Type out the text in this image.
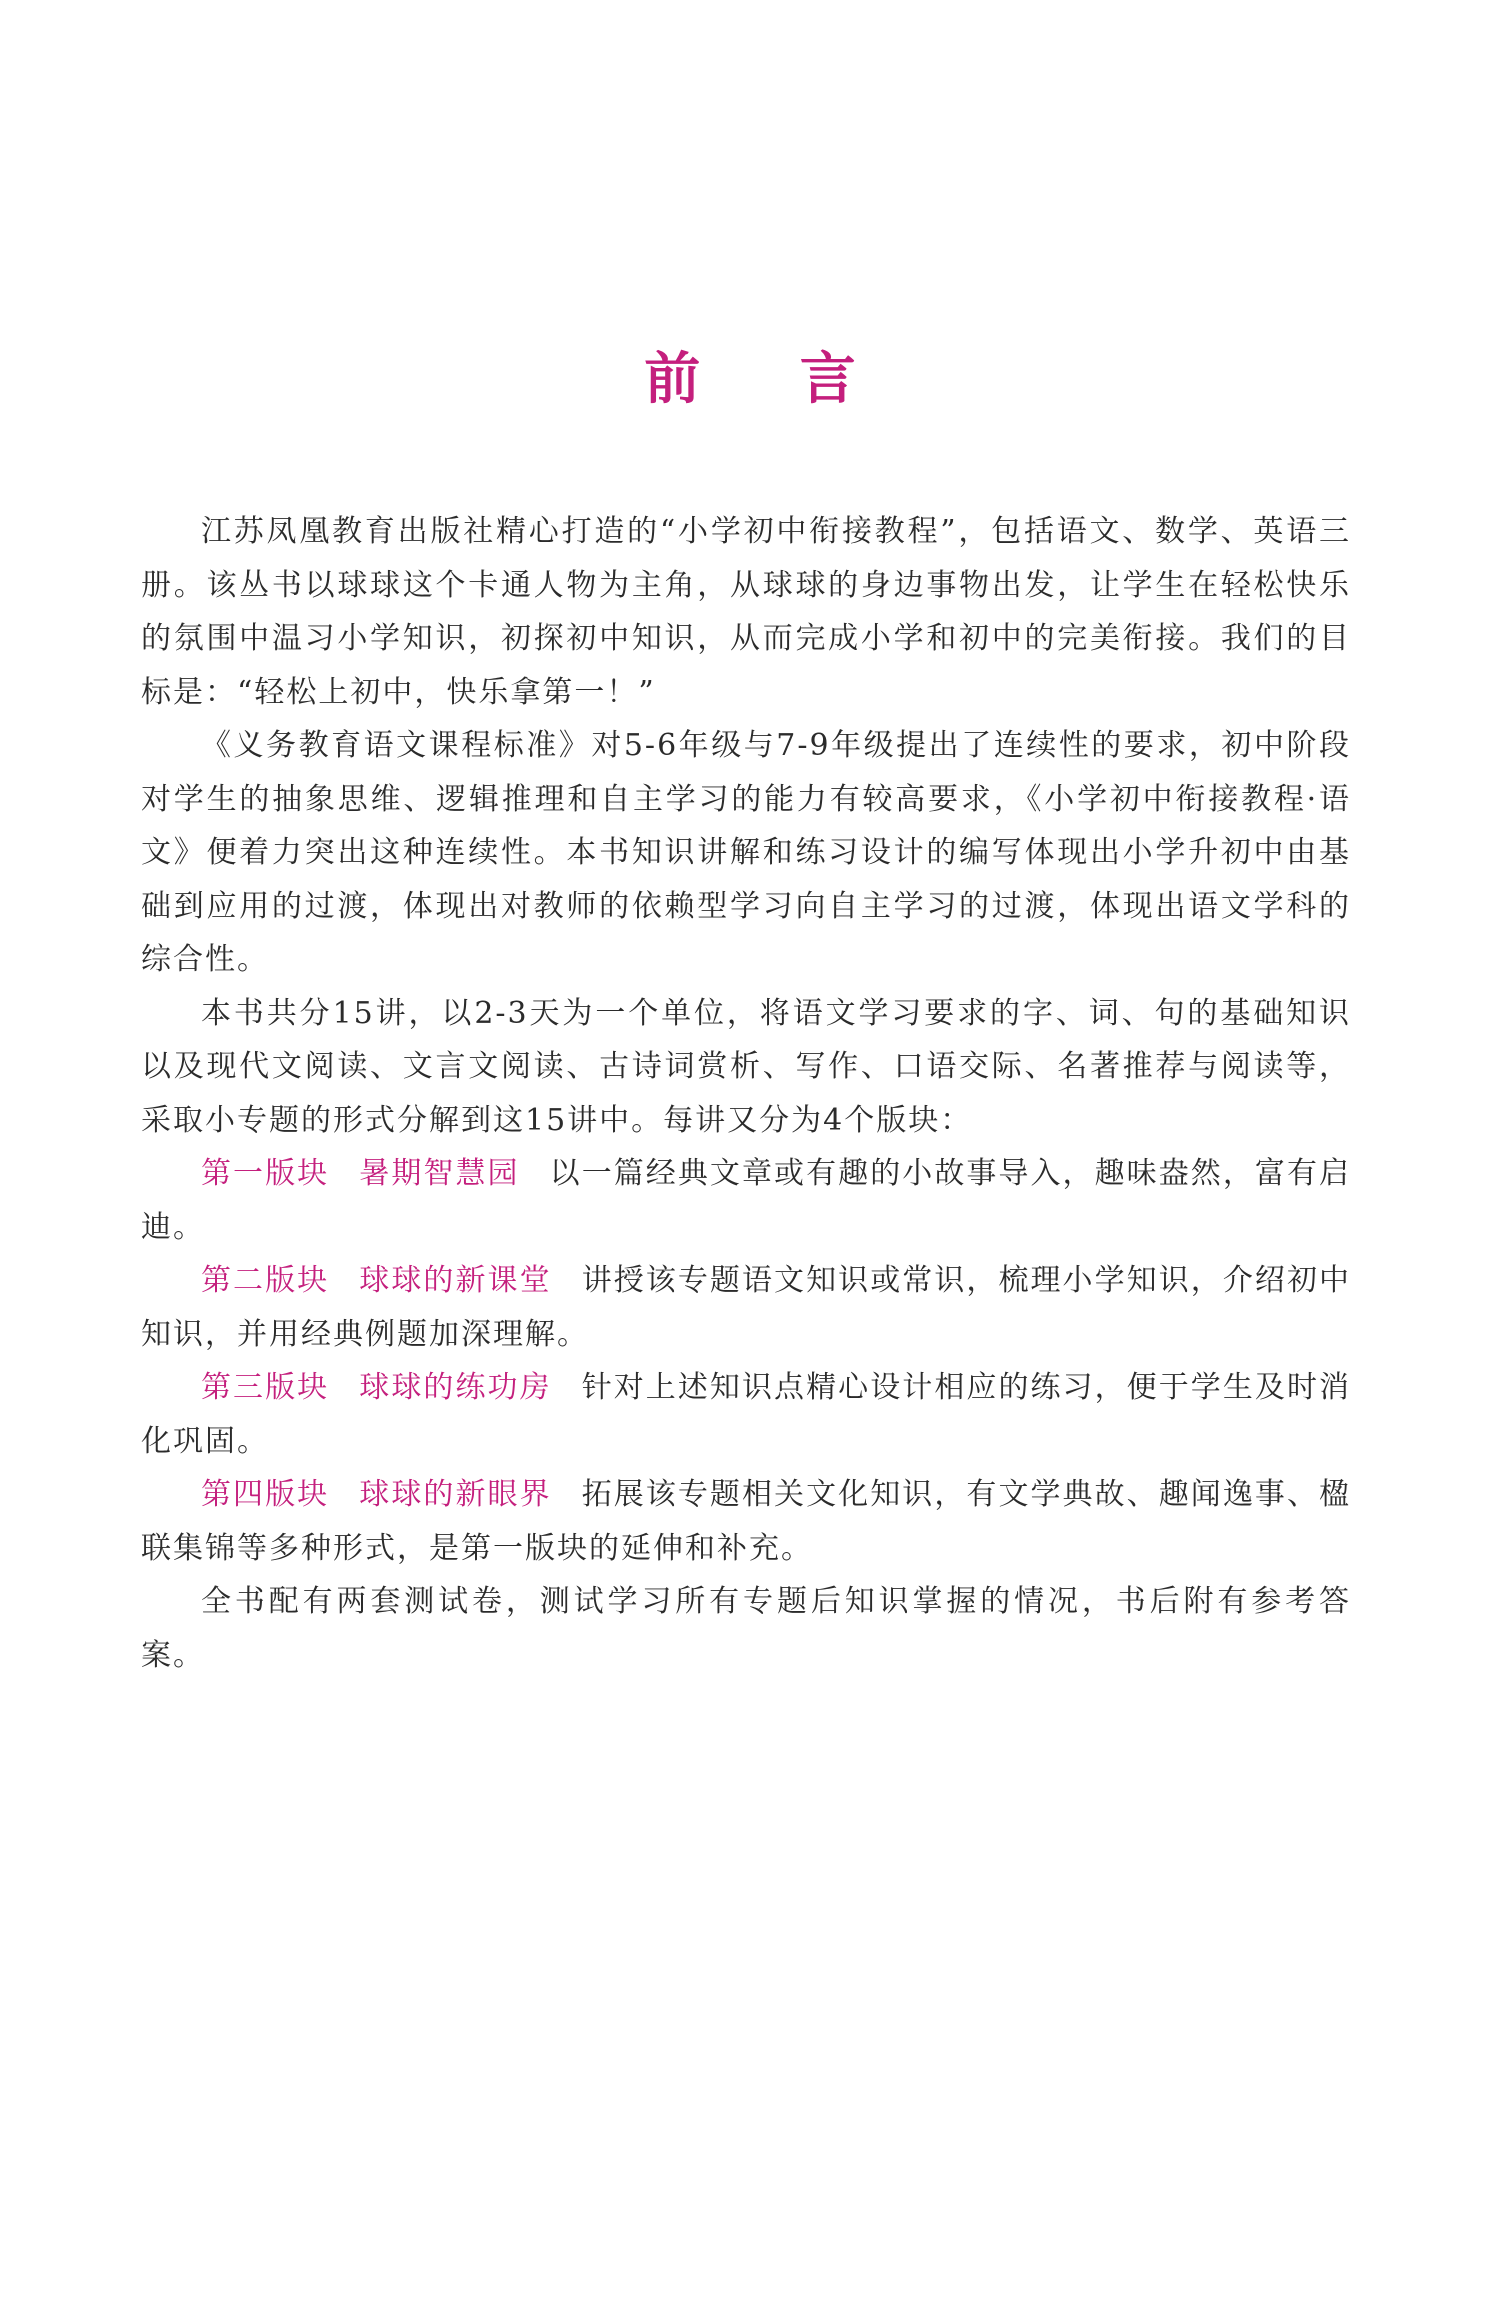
前 言

江苏凤凰教育出版社精心打造的“小学初中衔接教程”，包括语文、数学、英语三册。该丛书以球球这个卡通人物为主角，从球球的身边事物出发，让学生在轻松快乐的氛围中温习小学知识，初探初中知识，从而完成小学和初中的完美衔接。我们的目标是：“轻松上初中，快乐拿第一！”

《义务教育语文课程标准》对5-6年级与7-9年级提出了连续性的要求，初中阶段对学生的抽象思维、逻辑推理和自主学习的能力有较高要求，《小学初中衔接教程·语文》便着力突出这种连续性。本书知识讲解和练习设计的编写体现出小学升初中由基础到应用的过渡，体现出对教师的依赖型学习向自主学习的过渡，体现出语文学科的综合性。

本书共分15讲，以2-3天为一个单位，将语文学习要求的字、词、句的基础知识以及现代文阅读、文言文阅读、古诗词赏析、写作、口语交际、名著推荐与阅读等，采取小专题的形式分解到这15讲中。每讲又分为4个版块：

第一版块 暑期智慧园 以一篇经典文章或有趣的小故事导入，趣味盎然，富有启迪。

第二版块 球球的新课堂 讲授该专题语文知识或常识，梳理小学知识，介绍初中知识，并用经典例题加深理解。

第三版块 球球的练功房 针对上述知识点精心设计相应的练习，便于学生及时消化巩固。

第四版块 球球的新眼界 拓展该专题相关文化知识，有文学典故、趣闻逸事、楹联集锦等多种形式，是第一版块的延伸和补充。

全书配有两套测试卷，测试学习所有专题后知识掌握的情况，书后附有参考答案。
